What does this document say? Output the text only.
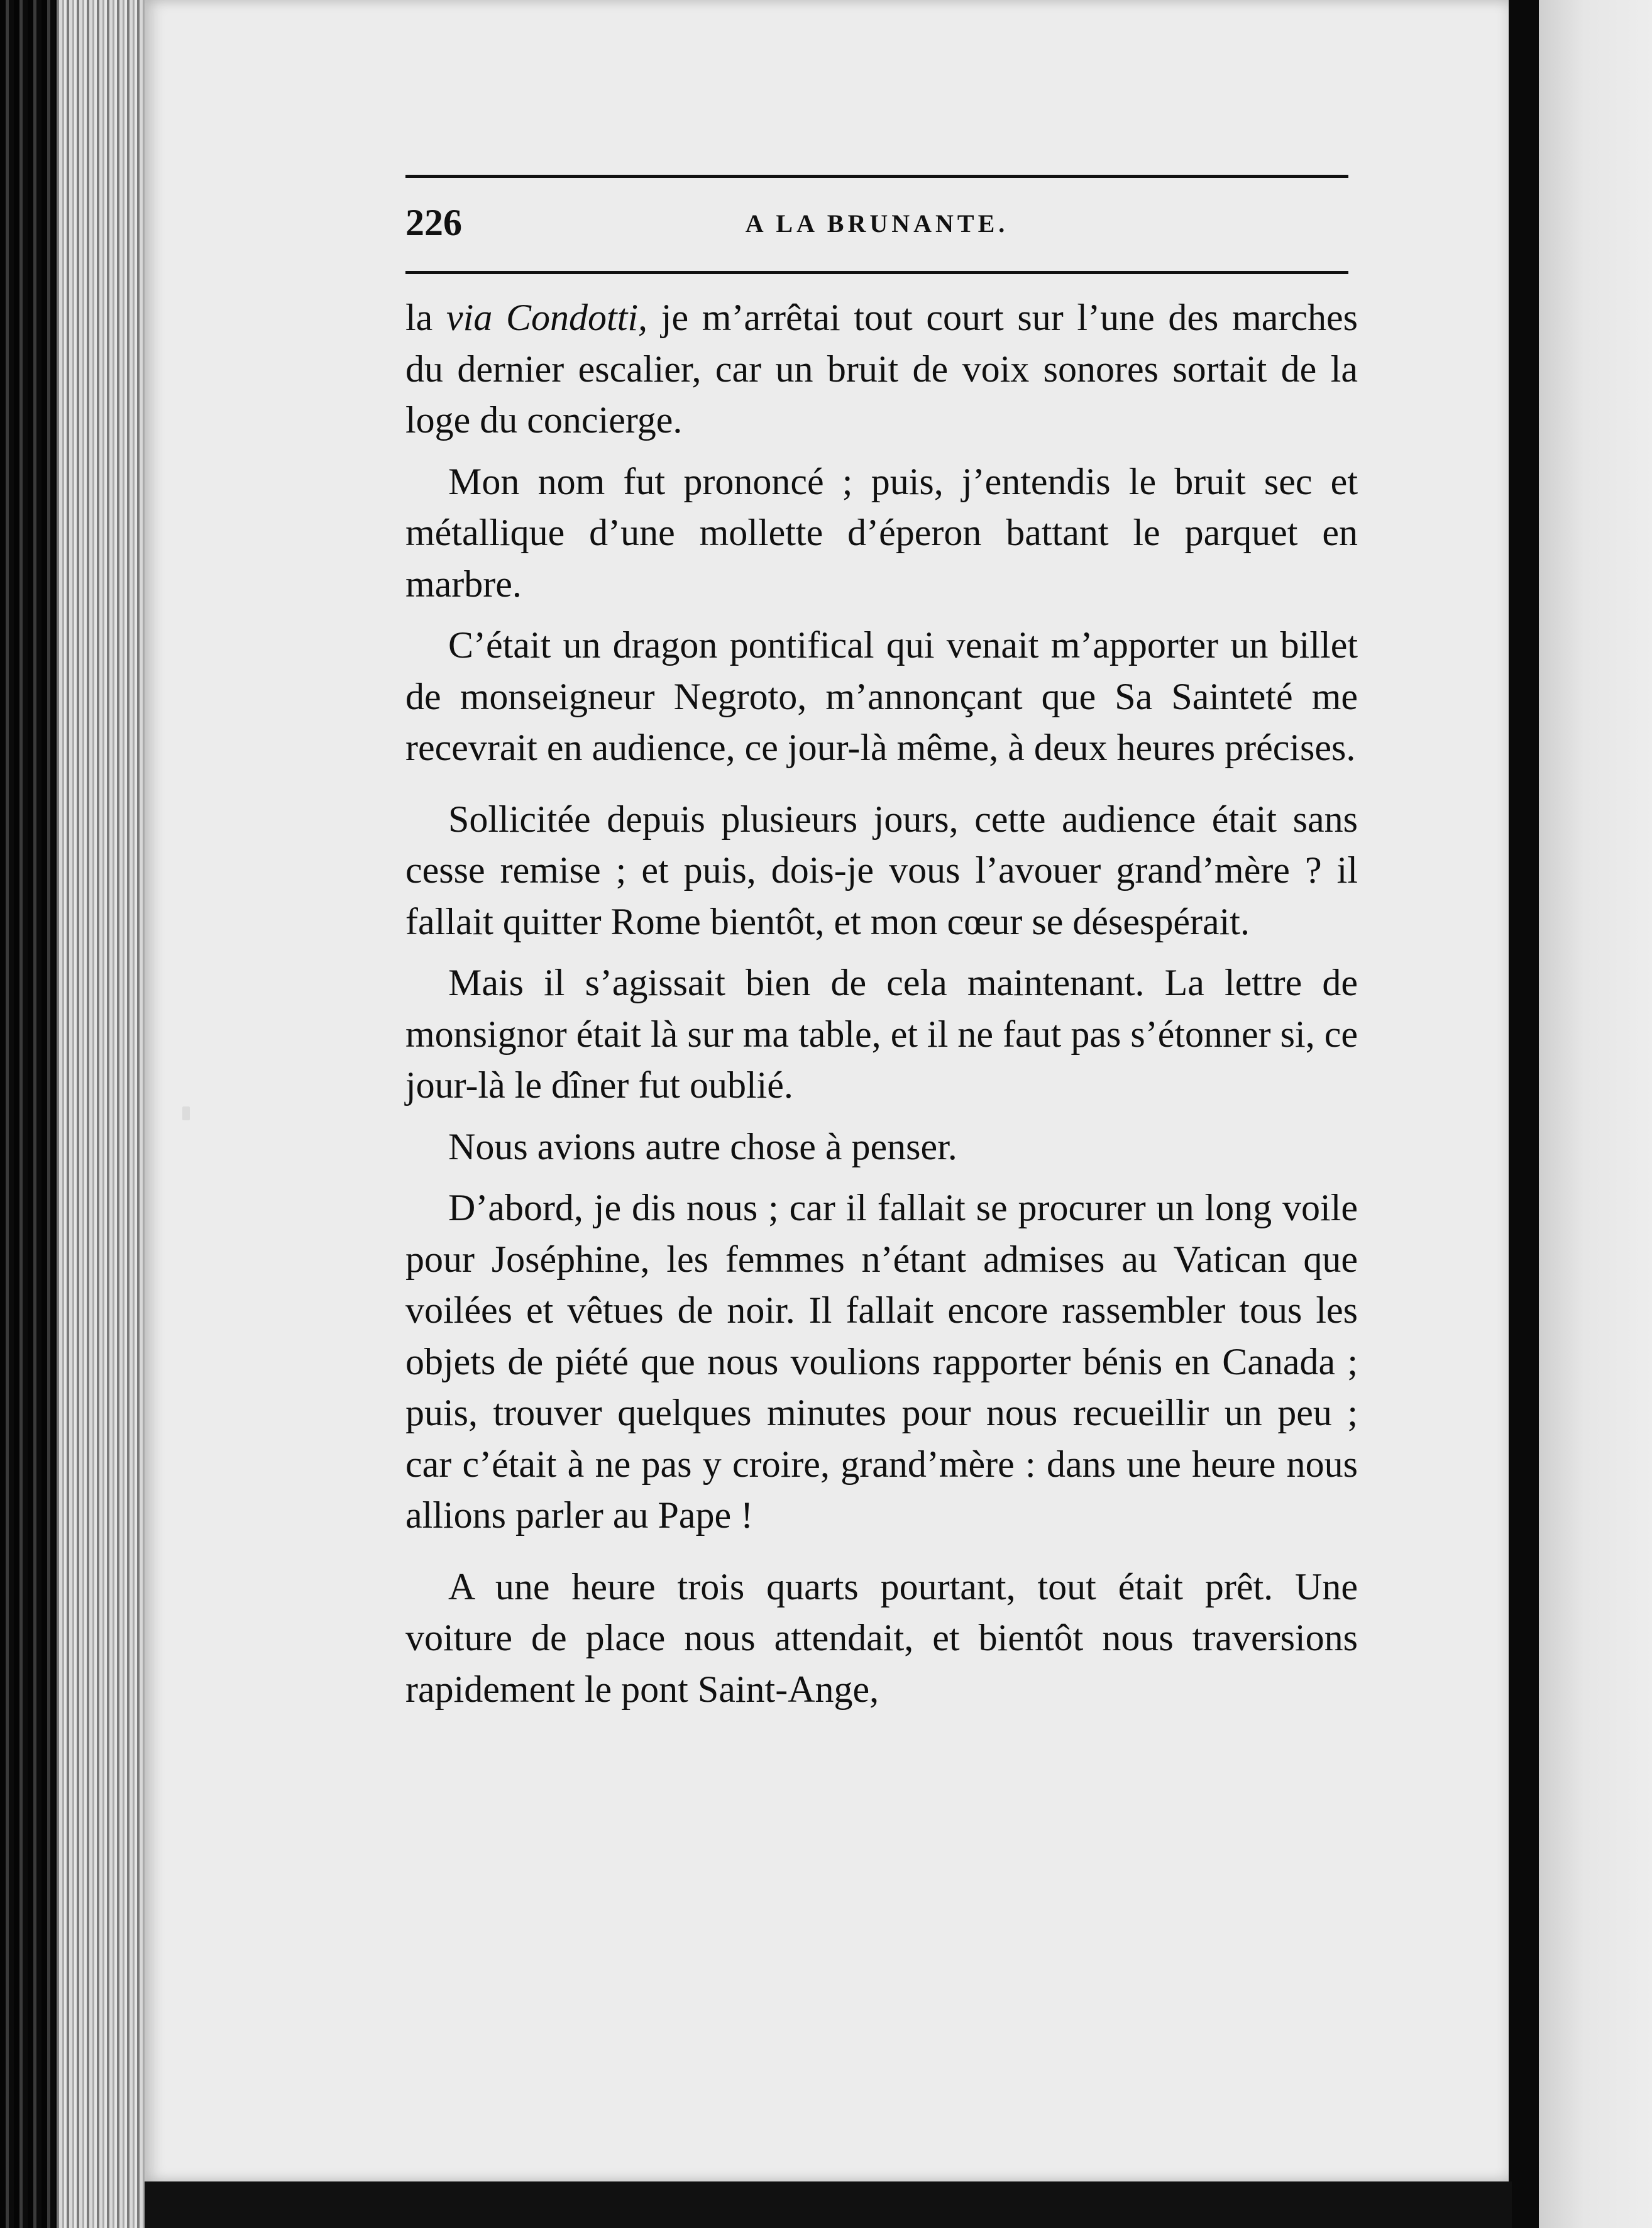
226	A LA BRUNANTE.

la via Condotti, je m’arrêtai tout court sur l’une des marches du dernier escalier, car un bruit de voix sonores sortait de la loge du concierge.

Mon nom fut prononcé ; puis, j’entendis le bruit sec et métallique d’une mollette d’éperon battant le parquet en marbre.

C’était un dragon pontifical qui venait m’apporter un billet de monseigneur Negroto, m’annonçant que Sa Sainteté me recevrait en audience, ce jour-là même, à deux heures précises.

Sollicitée depuis plusieurs jours, cette audience était sans cesse remise ; et puis, dois-je vous l’avouer grand’mère ? il fallait quitter Rome bientôt, et mon cœur se désespérait.

Mais il s’agissait bien de cela maintenant. La lettre de monsignor était là sur ma table, et il ne faut pas s’étonner si, ce jour-là le dîner fut oublié.

Nous avions autre chose à penser.

D’abord, je dis nous ; car il fallait se procurer un long voile pour Joséphine, les femmes n’étant admises au Vatican que voilées et vêtues de noir. Il fallait encore rassembler tous les objets de piété que nous voulions rapporter bénis en Canada ; puis, trouver quelques minutes pour nous recueillir un peu ; car c’était à ne pas y croire, grand’mère : dans une heure nous allions parler au Pape !

A une heure trois quarts pourtant, tout était prêt. Une voiture de place nous attendait, et bientôt nous traversions rapidement le pont Saint-Ange,
